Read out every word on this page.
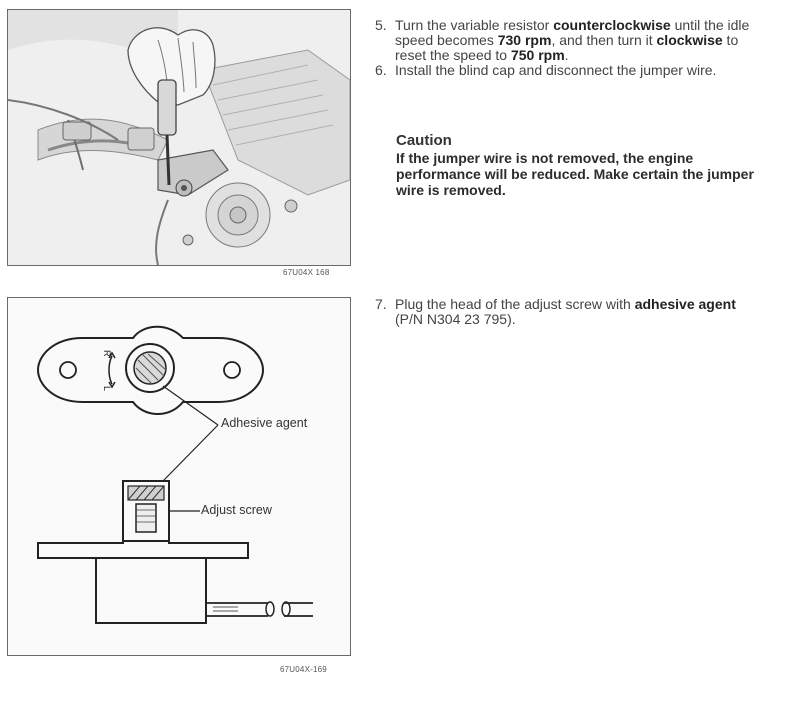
67U04X 168
R
L
Adhesive agent
Adjust screw
67U04X-169

5. Turn the variable resistor counterclockwise until the idle speed becomes 730 rpm, and then turn it clockwise to reset the speed to 750 rpm.

6. Install the blind cap and disconnect the jumper wire.

Caution
If the jumper wire is not removed, the engine performance will be reduced. Make certain the jumper wire is removed.

7. Plug the head of the adjust screw with adhesive agent (P/N N304 23 795).
